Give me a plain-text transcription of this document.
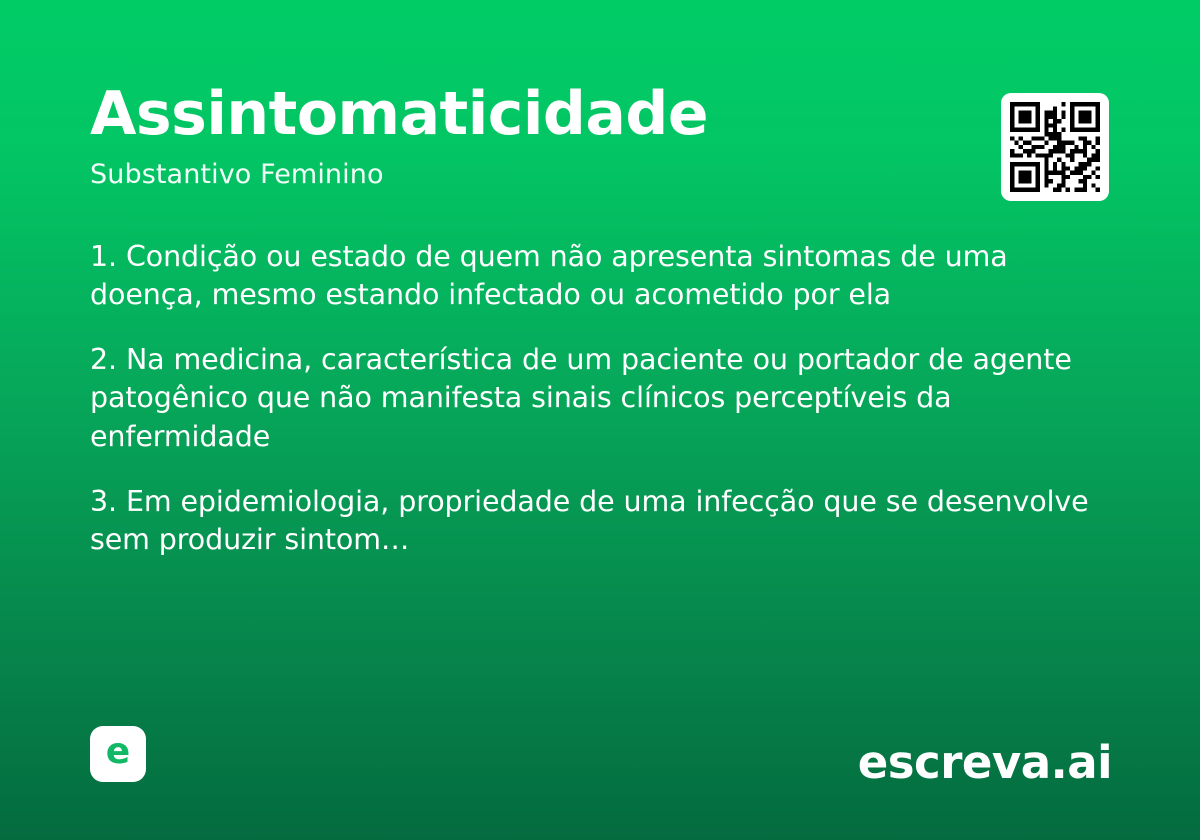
Assintomaticidade
Substantivo Feminino

1. Condição ou estado de quem não apresenta sintomas de uma doença, mesmo estando infectado ou acometido por ela

2. Na medicina, característica de um paciente ou portador de agente patogênico que não manifesta sinais clínicos perceptíveis da enfermidade

3. Em epidemiologia, propriedade de uma infecção que se desenvolve sem produzir sintom…

e	escreva.ai
